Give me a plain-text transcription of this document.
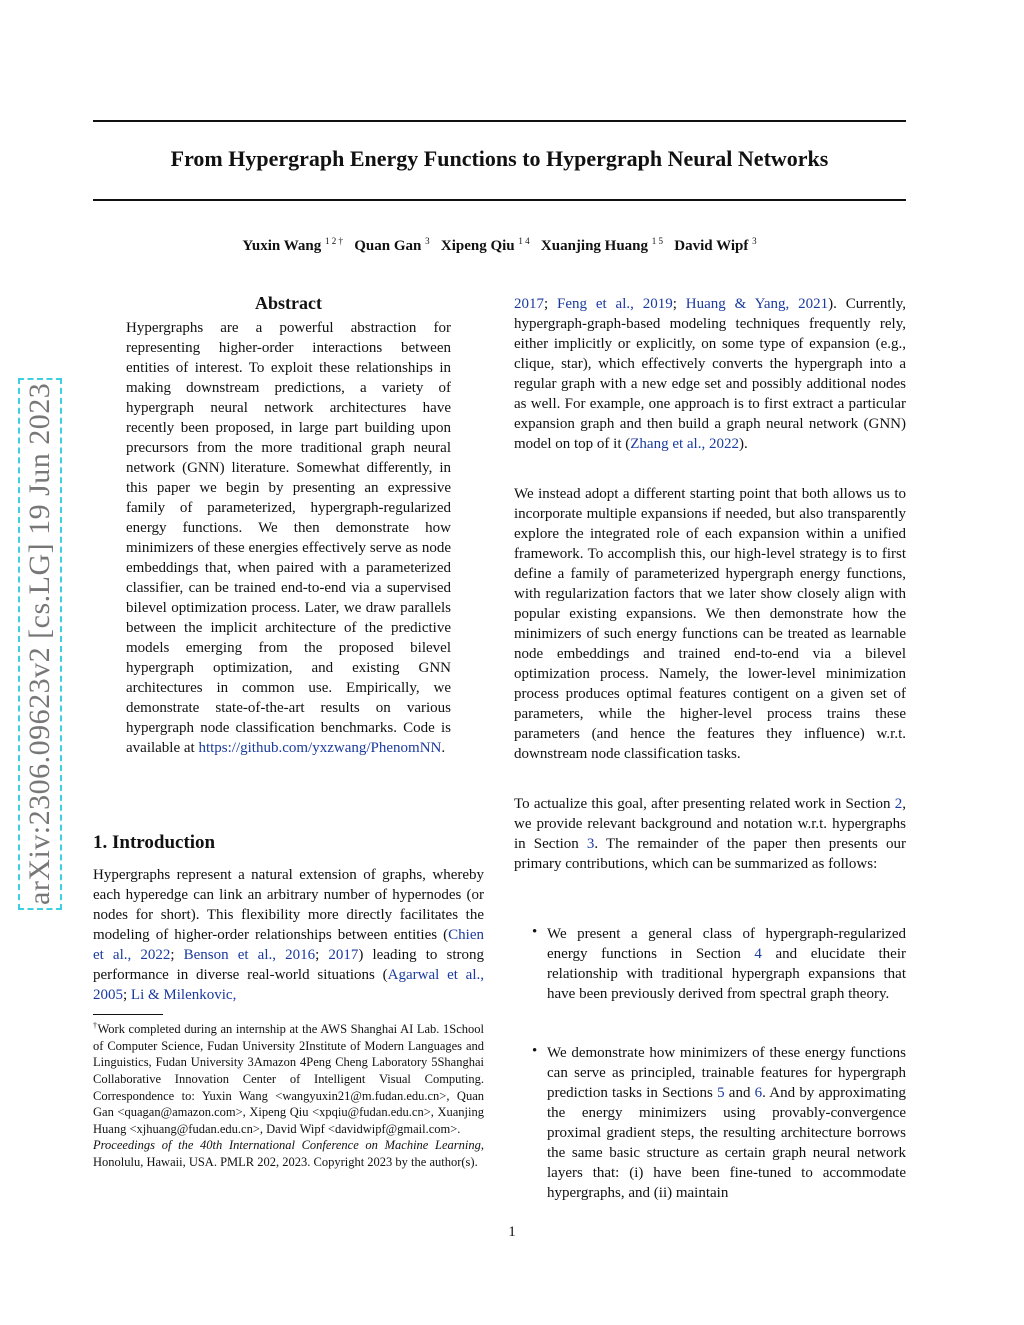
arXiv:2306.09623v2 [cs.LG] 19 Jun 2023
From Hypergraph Energy Functions to Hypergraph Neural Networks
Yuxin Wang $^{1 2 \dagger}$ Quan Gan $^3$ Xipeng Qiu $^{1 4}$ Xuanjing Huang $^{1 5}$ David Wipf $^3$
Abstract
Hypergraphs are a powerful abstraction for representing higher-order interactions between entities of interest. To exploit these relationships in making downstream predictions, a variety of hypergraph neural network architectures have recently been proposed, in large part building upon precursors from the more traditional graph neural network (GNN) literature. Somewhat differently, in this paper we begin by presenting an expressive family of parameterized, hypergraph-regularized energy functions. We then demonstrate how minimizers of these energies effectively serve as node embeddings that, when paired with a parameterized classifier, can be trained end-to-end via a supervised bilevel optimization process. Later, we draw parallels between the implicit architecture of the predictive models emerging from the proposed bilevel hypergraph optimization, and existing GNN architectures in common use. Empirically, we demonstrate state-of-the-art results on various hypergraph node classification benchmarks. Code is available at https://github.com/yxzwang/PhenomNN.
1. Introduction
Hypergraphs represent a natural extension of graphs, whereby each hyperedge can link an arbitrary number of hypernodes (or nodes for short). This flexibility more directly facilitates the modeling of higher-order relationships between entities (Chien et al., 2022; Benson et al., 2016; 2017) leading to strong performance in diverse real-world situations (Agarwal et al., 2005; Li & Milenkovic,
†Work completed during an internship at the AWS Shanghai AI Lab. 1School of Computer Science, Fudan University 2Institute of Modern Languages and Linguistics, Fudan University 3Amazon 4Peng Cheng Laboratory 5Shanghai Collaborative Innovation Center of Intelligent Visual Computing. Correspondence to: Yuxin Wang <wangyuxin21@m.fudan.edu.cn>, Quan Gan <quagan@amazon.com>, Xipeng Qiu <xpqiu@fudan.edu.cn>, Xuanjing Huang <xjhuang@fudan.edu.cn>, David Wipf <davidwipf@gmail.com>.
Proceedings of the 40th International Conference on Machine Learning, Honolulu, Hawaii, USA. PMLR 202, 2023. Copyright 2023 by the author(s).
2017; Feng et al., 2019; Huang & Yang, 2021). Currently, hypergraph-graph-based modeling techniques frequently rely, either implicitly or explicitly, on some type of expansion (e.g., clique, star), which effectively converts the hypergraph into a regular graph with a new edge set and possibly additional nodes as well. For example, one approach is to first extract a particular expansion graph and then build a graph neural network (GNN) model on top of it (Zhang et al., 2022).
We instead adopt a different starting point that both allows us to incorporate multiple expansions if needed, but also transparently explore the integrated role of each expansion within a unified framework. To accomplish this, our high-level strategy is to first define a family of parameterized hypergraph energy functions, with regularization factors that we later show closely align with popular existing expansions. We then demonstrate how the minimizers of such energy functions can be treated as learnable node embeddings and trained end-to-end via a bilevel optimization process. Namely, the lower-level minimization process produces optimal features contigent on a given set of parameters, while the higher-level process trains these parameters (and hence the features they influence) w.r.t. downstream node classification tasks.
To actualize this goal, after presenting related work in Section 2, we provide relevant background and notation w.r.t. hypergraphs in Section 3. The remainder of the paper then presents our primary contributions, which can be summarized as follows:
• We present a general class of hypergraph-regularized energy functions in Section 4 and elucidate their relationship with traditional hypergraph expansions that have been previously derived from spectral graph theory.
• We demonstrate how minimizers of these energy functions can serve as principled, trainable features for hypergraph prediction tasks in Sections 5 and 6. And by approximating the energy minimizers using provably-convergence proximal gradient steps, the resulting architecture borrows the same basic structure as certain graph neural network layers that: (i) have been fine-tuned to accommodate hypergraphs, and (ii) maintain
1
